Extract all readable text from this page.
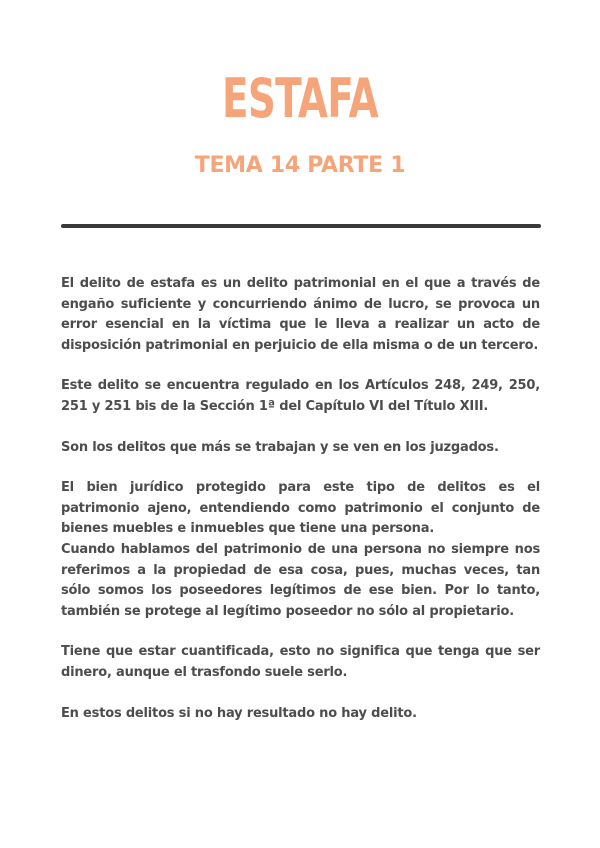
ESTAFA
TEMA 14 PARTE 1

El delito de estafa es un delito patrimonial en el que a través de engaño suficiente y concurriendo ánimo de lucro, se provoca un error esencial en la víctima que le lleva a realizar un acto de disposición patrimonial en perjuicio de ella misma o de un tercero.

Este delito se encuentra regulado en los Artículos 248, 249, 250, 251 y 251 bis de la Sección 1ª del Capítulo VI del Título XIII.

Son los delitos que más se trabajan y se ven en los juzgados.

El bien jurídico protegido para este tipo de delitos es el patrimonio ajeno, entendiendo como patrimonio el conjunto de bienes muebles e inmuebles que tiene una persona.

Cuando hablamos del patrimonio de una persona no siempre nos referimos a la propiedad de esa cosa, pues, muchas veces, tan sólo somos los poseedores legítimos de ese bien. Por lo tanto, también se protege al legítimo poseedor no sólo al propietario.

Tiene que estar cuantificada, esto no significa que tenga que ser dinero, aunque el trasfondo suele serlo.

En estos delitos si no hay resultado no hay delito.
